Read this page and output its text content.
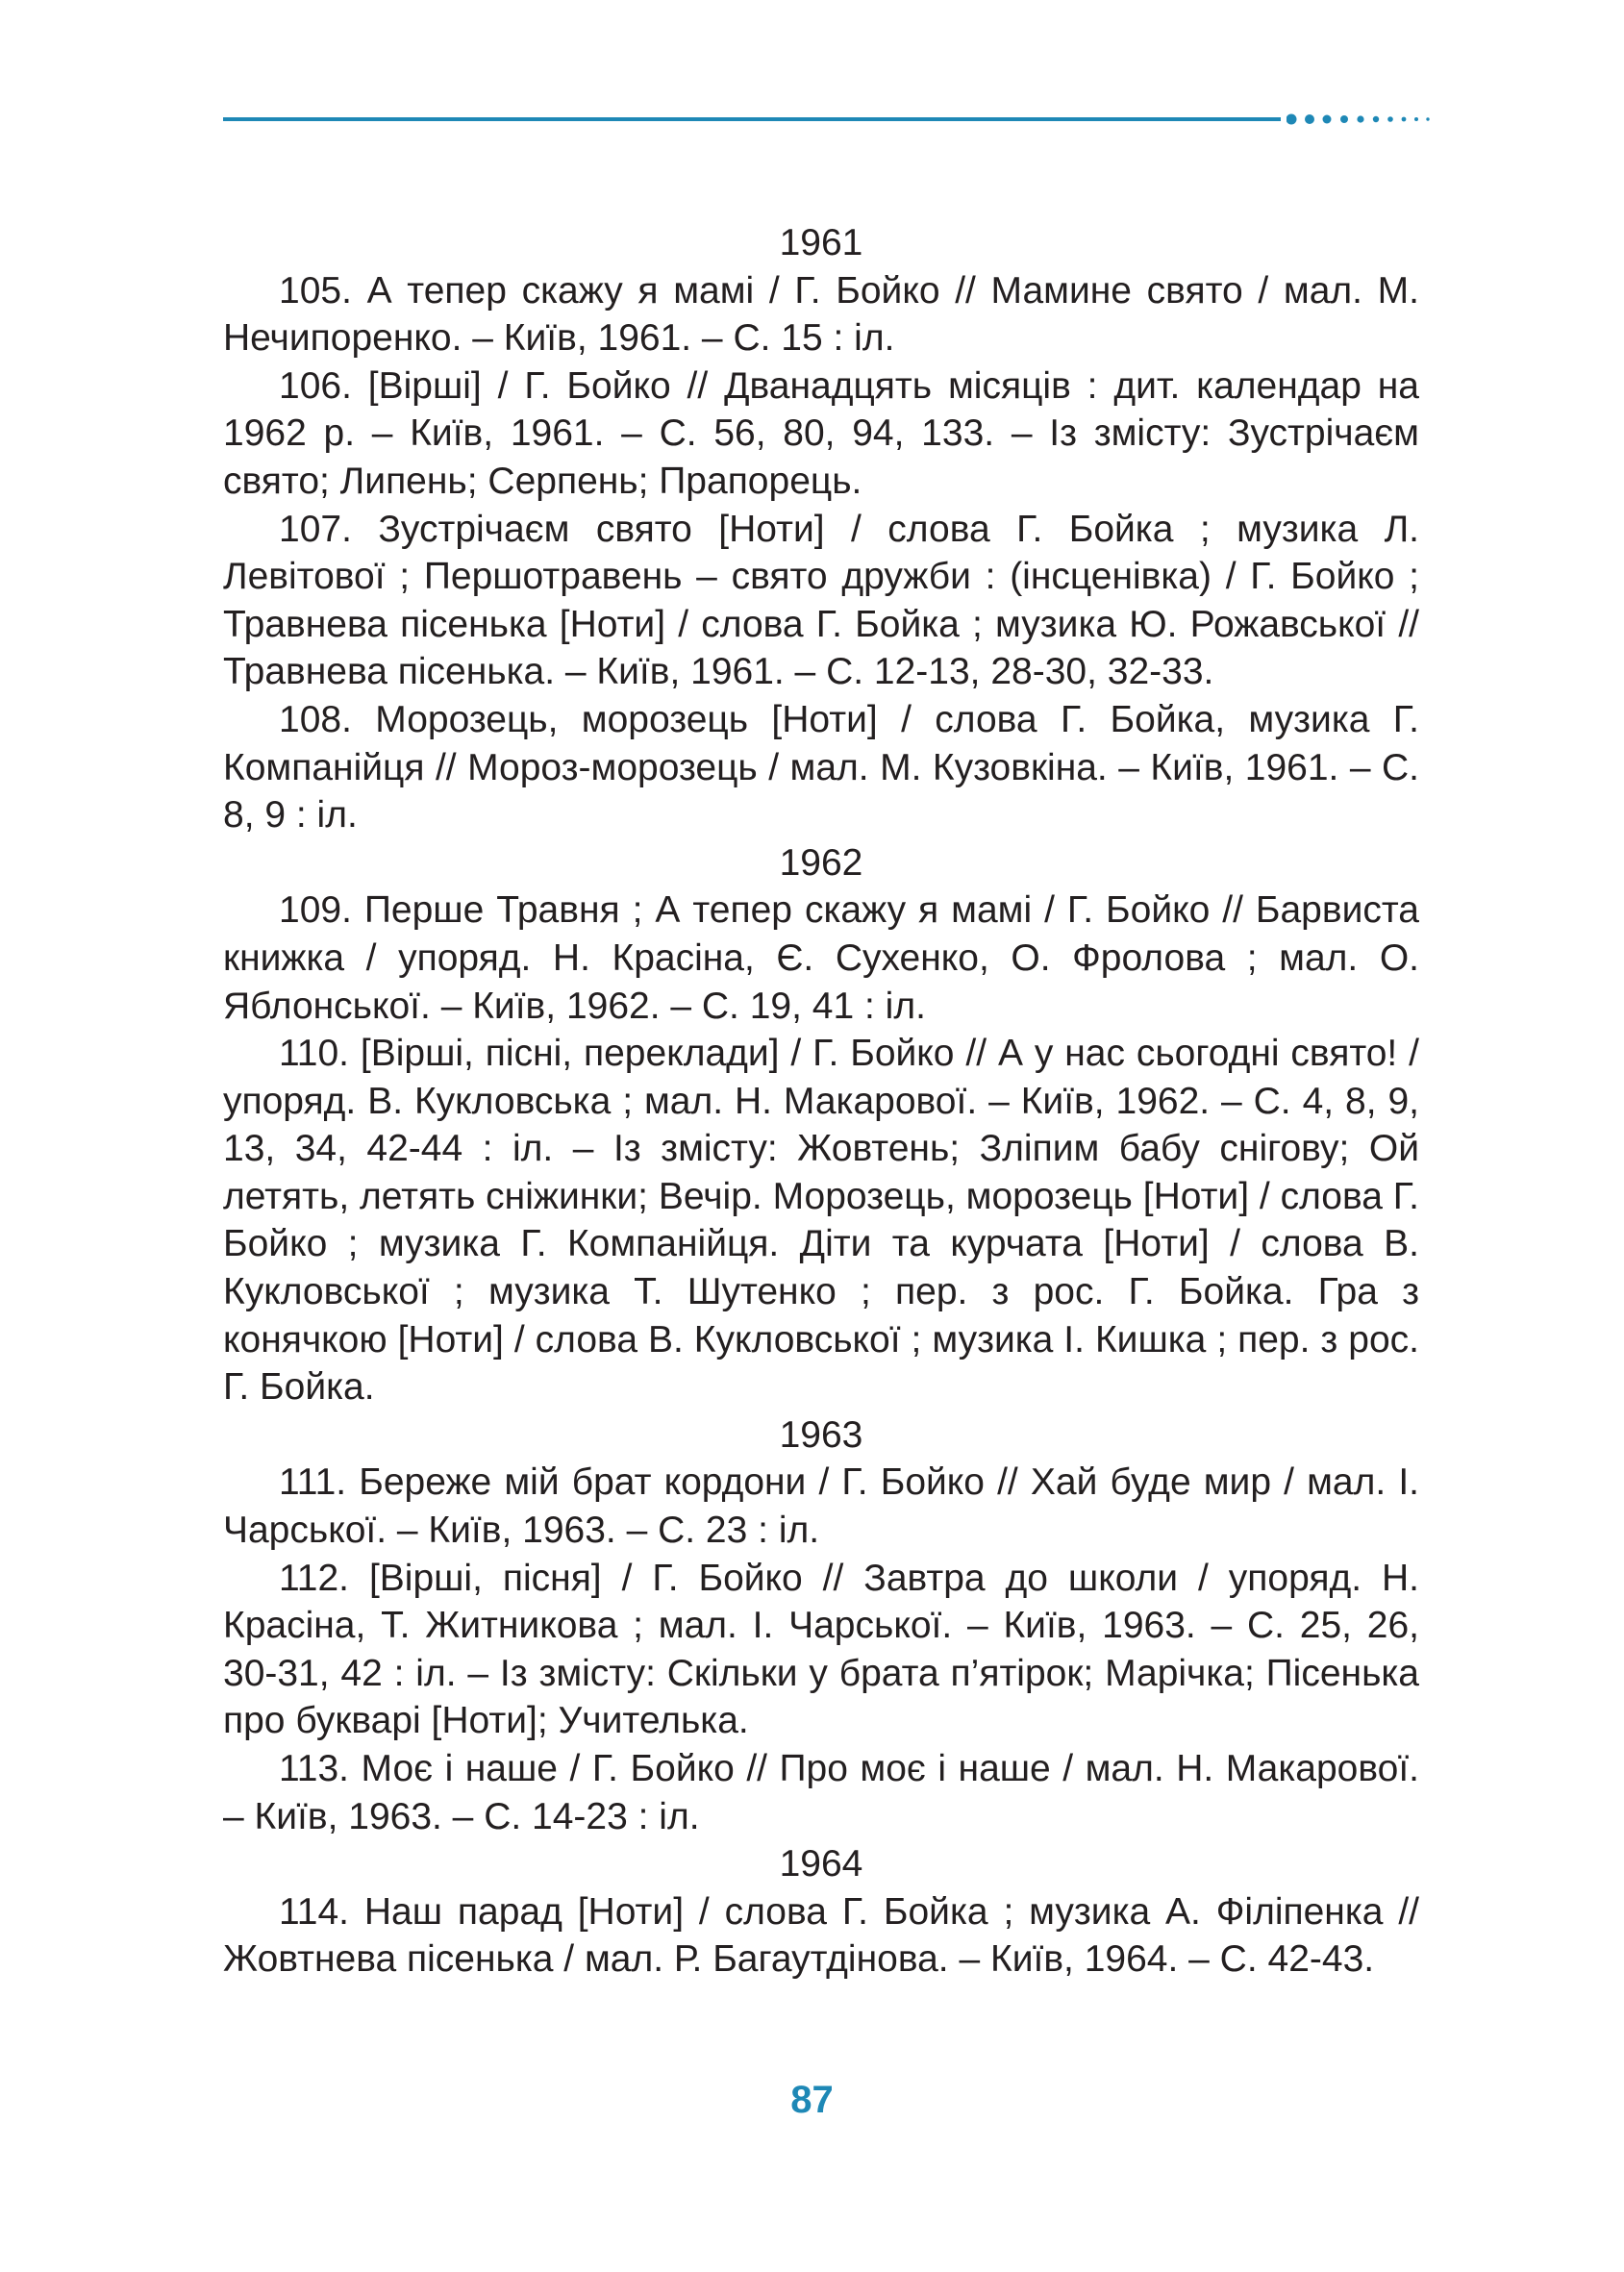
1961

105. А тепер скажу я мамі / Г. Бойко // Мамине свято / мал. М. Нечипоренко. – Київ, 1961. – С. 15 : іл.

106. [Вірші] / Г. Бойко // Дванадцять місяців : дит. календар на 1962 р. – Київ, 1961. – С. 56, 80, 94, 133. – Із змісту: Зустрічаєм свято; Липень; Серпень; Прапорець.

107. Зустрічаєм свято [Ноти] / слова Г. Бойка ; музика Л. Левітової ; Першотравень – свято дружби : (інсценівка) / Г. Бойко ; Травнева пісенька [Ноти] / слова Г. Бойка ; музика Ю. Рожавської // Травнева пісенька. – Київ, 1961. – С. 12-13, 28-30, 32-33.

108. Морозець, морозець [Ноти] / слова Г. Бойка, музика Г. Компанійця // Мороз-морозець / мал. М. Кузовкіна. – Київ, 1961. – С. 8, 9 : іл.

1962

109. Перше Травня ; А тепер скажу я мамі / Г. Бойко // Барвиста книжка / упоряд. Н. Красіна, Є. Сухенко, О. Фролова ; мал. О. Яблонської. – Київ, 1962. – С. 19, 41 : іл.

110. [Вірші, пісні, переклади] / Г. Бойко // А у нас сьогодні свято! / упоряд. В. Кукловська ; мал. Н. Макарової. – Київ, 1962. – С. 4, 8, 9, 13, 34, 42-44 : іл. – Із змісту: Жовтень; Зліпим бабу снігову; Ой летять, летять сніжинки; Вечір. Морозець, морозець [Ноти] / слова Г. Бойко ; музика Г. Компанійця. Діти та курчата [Ноти] / слова В. Кукловської ; музика Т. Шутенко ; пер. з рос. Г. Бойка. Гра з конячкою [Ноти] / слова В. Кукловської ; музика І. Кишка ; пер. з рос. Г. Бойка.

1963

111. Береже мій брат кордони / Г. Бойко // Хай буде мир / мал. І. Чарської. – Київ, 1963. – С. 23 : іл.

112. [Вірші, пісня] / Г. Бойко // Завтра до школи / упоряд. Н. Красіна, Т. Житникова ; мал. І. Чарської. – Київ, 1963. – С. 25, 26, 30-31, 42 : іл. – Із змісту: Скільки у брата п’ятірок; Марічка; Пісенька про букварі [Ноти]; Учителька.

113. Моє і наше / Г. Бойко // Про моє і наше / мал. Н. Макарової. – Київ, 1963. – С. 14-23 : іл.

1964

114. Наш парад [Ноти] / слова Г. Бойка ; музика А. Філіпенка // Жовтнева пісенька / мал. Р. Багаутдінова. – Київ, 1964. – С. 42-43.

87
